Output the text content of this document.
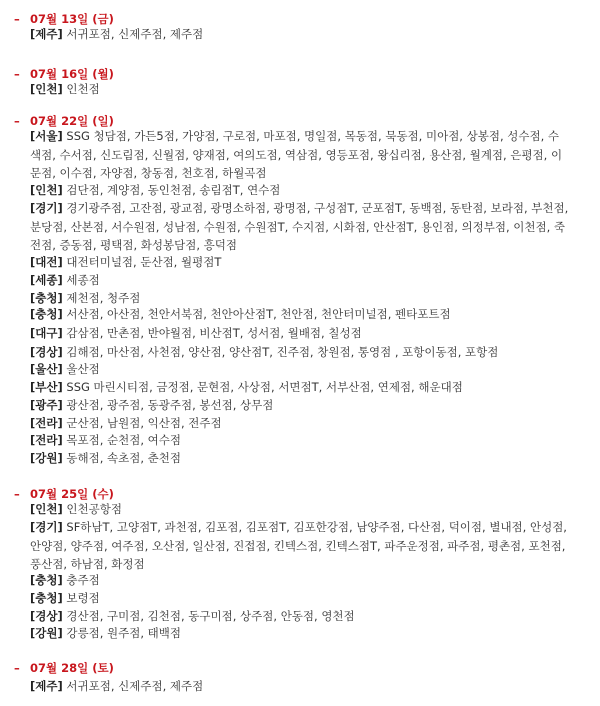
– 07월 13일 (금)
[제주] 서귀포점, 신제주점, 제주점
– 07월 16일 (월)
[인천] 인천점
– 07월 22일 (일)
[서울] SSG 청담점, 가든5점, 가양점, 구로점, 마포점, 명일점, 목동점, 묵동점, 미아점, 상봉점, 성수점, 수색점, 수서점, 신도림점, 신월점, 양재점, 여의도점, 역삼점, 영등포점, 왕십리점, 용산점, 월계점, 은평점, 이문점, 이수점, 자양점, 창동점, 천호점, 하월곡점
[인천] 검단점, 계양점, 동인천점, 송림점T, 연수점
[경기] 경기광주점, 고잔점, 광교점, 광명소하점, 광명점, 구성점T, 군포점T, 동백점, 동탄점, 보라점, 부천점, 분당점, 산본점, 서수원점, 성남점, 수원점, 수원점T, 수지점, 시화점, 안산점T, 용인점, 의정부점, 이천점, 죽전점, 증동점, 평택점, 화성봉담점, 흥덕점
[대전] 대전터미널점, 둔산점, 월평점T
[세종] 세종점
[충청] 제천점, 청주점
[충청] 서산점, 아산점, 천안서북점, 천안아산점T, 천안점, 천안터미널점, 펜타포트점
[대구] 감삼점, 만촌점, 반야월점, 비산점T, 성서점, 월배점, 칠성점
[경상] 김해점, 마산점, 사천점, 양산점, 양산점T, 진주점, 창원점, 통영점 , 포항이동점, 포항점
[울산] 울산점
[부산] SSG 마린시티점, 금정점, 문현점, 사상점, 서면점T, 서부산점, 연제점, 해운대점
[광주] 광산점, 광주점, 동광주점, 봉선점, 상무점
[전라] 군산점, 남원점, 익산점, 전주점
[전라] 목포점, 순천점, 여수점
[강원] 동해점, 속초점, 춘천점
– 07월 25일 (수)
[인천] 인천공항점
[경기] SF하남T, 고양점T, 과천점, 김포점, 김포점T, 김포한강점, 남양주점, 다산점, 덕이점, 별내점, 안성점, 안양점, 양주점, 여주점, 오산점, 일산점, 진접점, 킨텍스점, 킨텍스점T, 파주운정점, 파주점, 평촌점, 포천점, 풍산점, 하남점, 화정점
[충청] 충주점
[충청] 보령점
[경상] 경산점, 구미점, 김천점, 동구미점, 상주점, 안동점, 영천점
[강원] 강릉점, 원주점, 태백점
– 07월 28일 (토)
[제주] 서귀포점, 신제주점, 제주점
